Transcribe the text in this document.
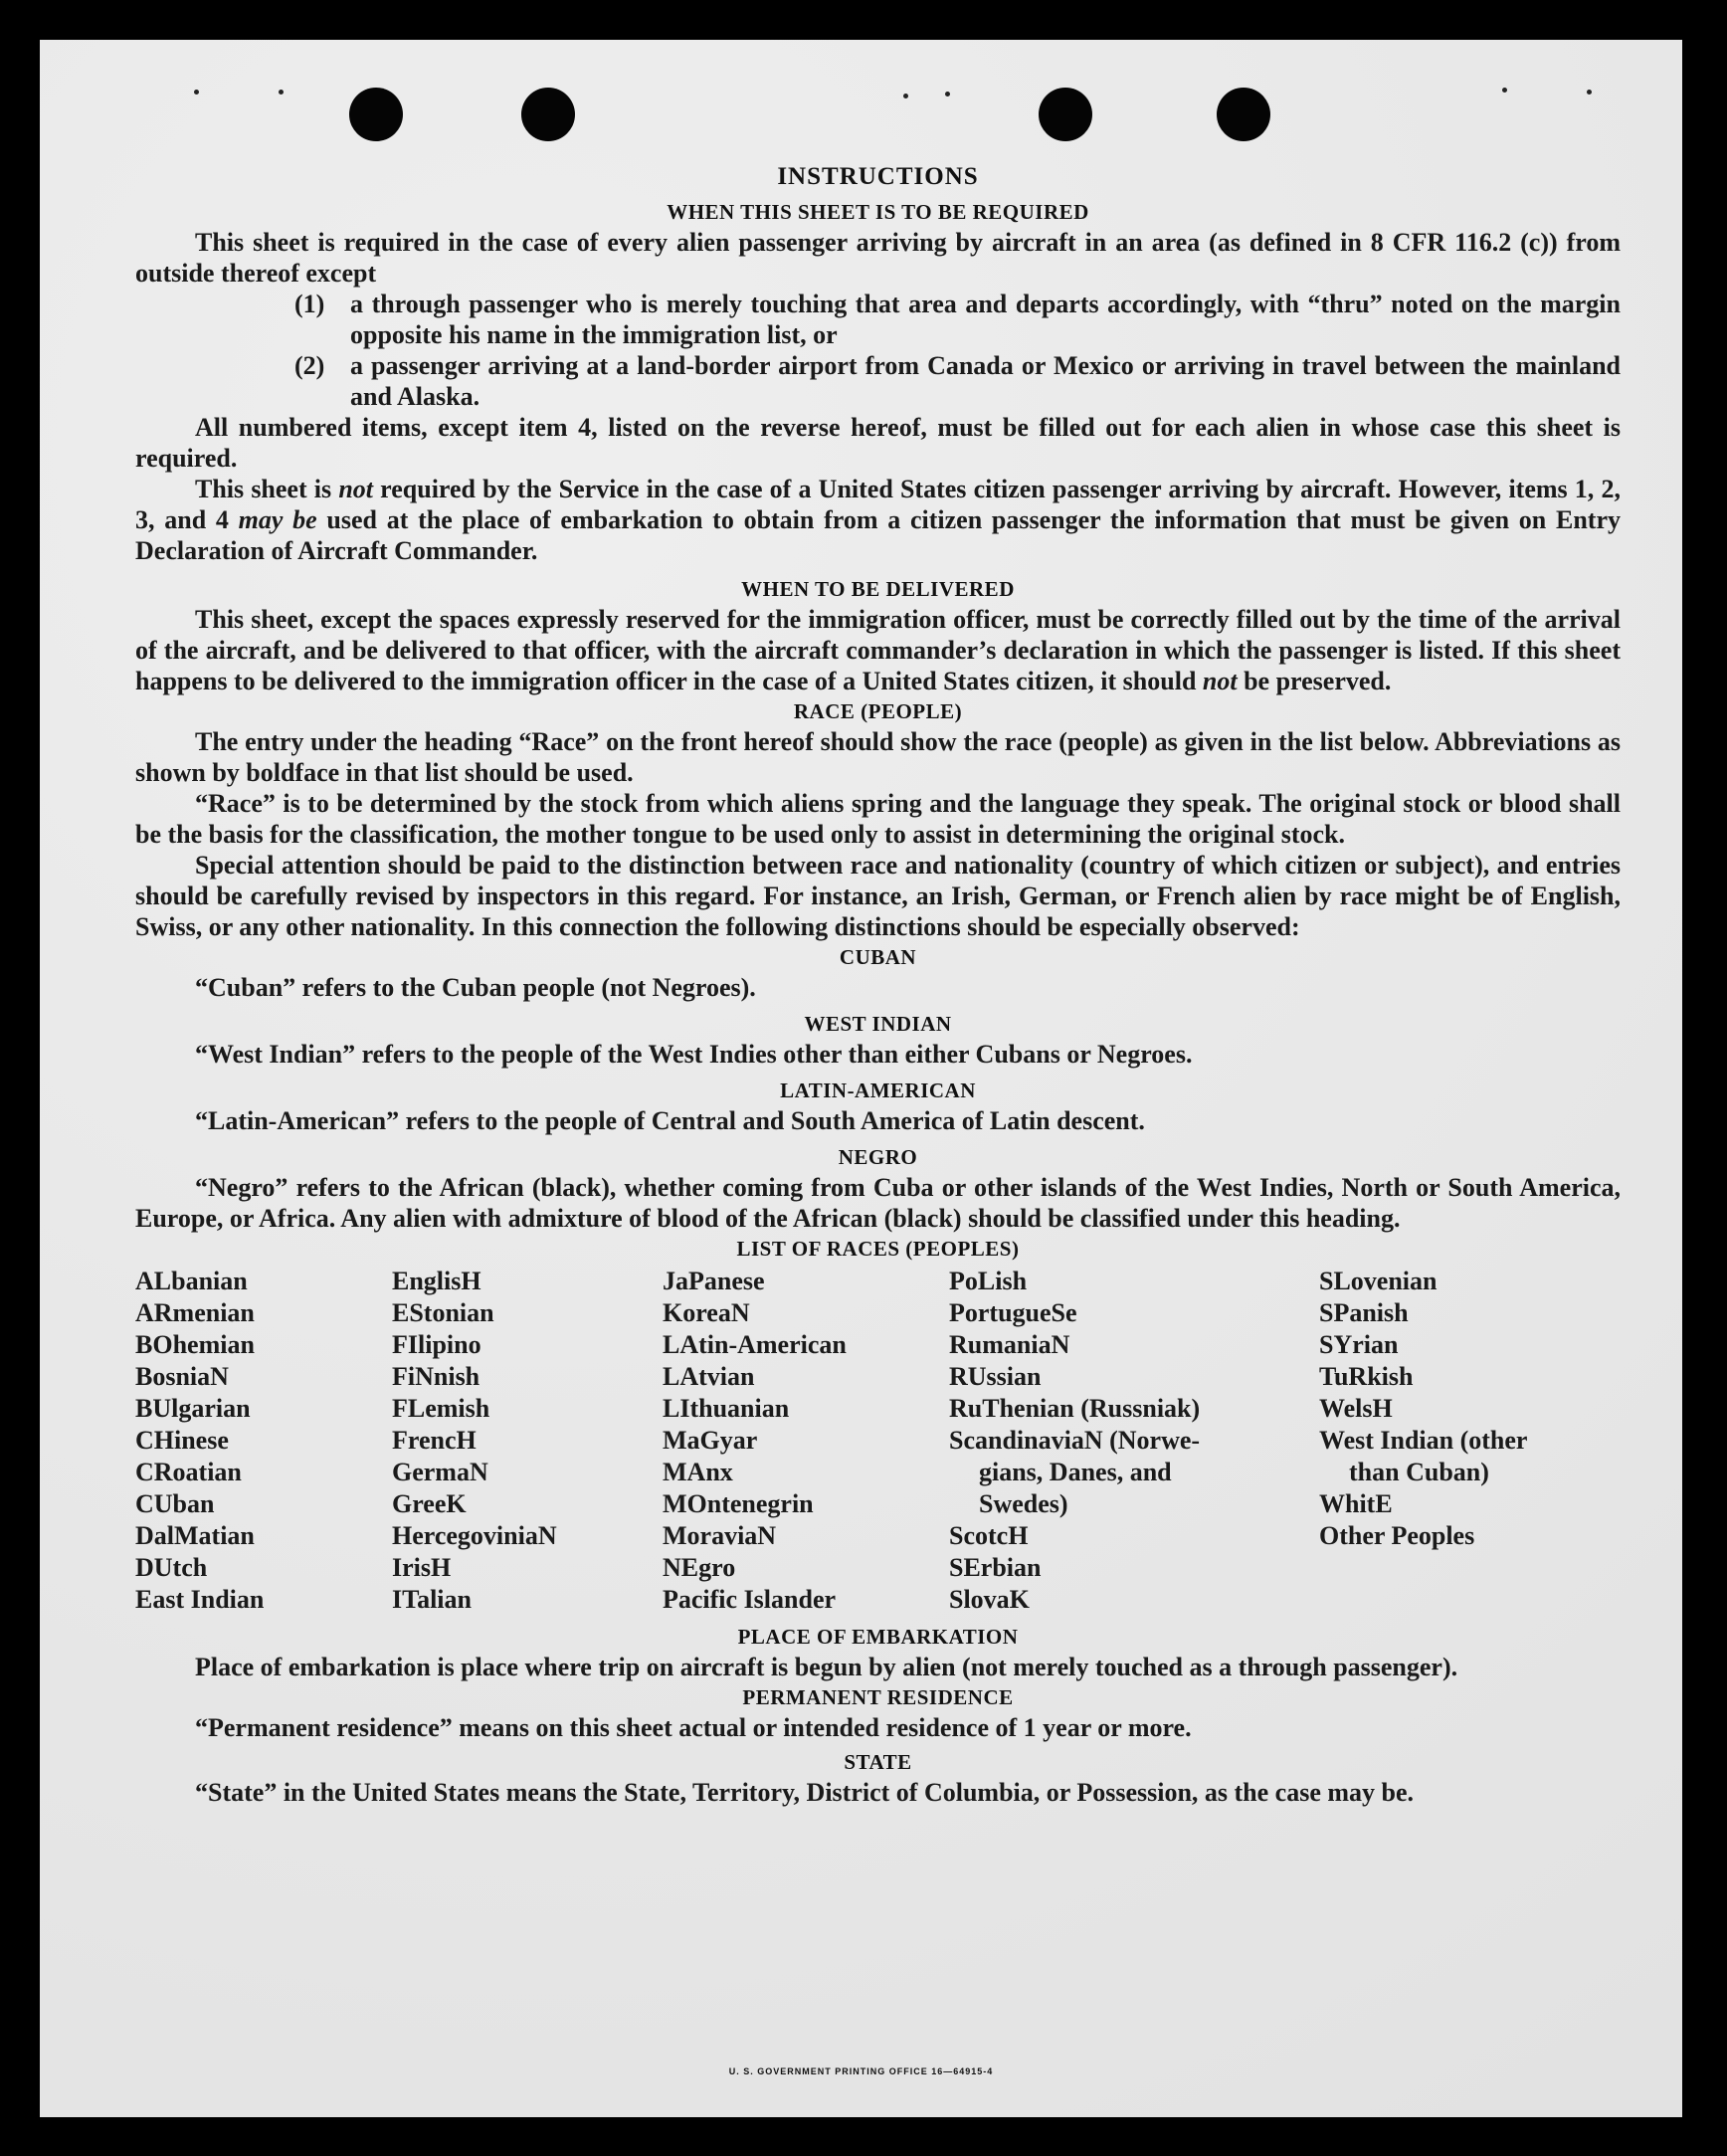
INSTRUCTIONS
WHEN THIS SHEET IS TO BE REQUIRED

This sheet is required in the case of every alien passenger arriving by aircraft in an area (as defined in 8 CFR 116.2 (c)) from outside thereof except

(1) a through passenger who is merely touching that area and departs accordingly, with “thru” noted on the margin opposite his name in the immigration list, or
(2) a passenger arriving at a land-border airport from Canada or Mexico or arriving in travel between the mainland and Alaska.

All numbered items, except item 4, listed on the reverse hereof, must be filled out for each alien in whose case this sheet is required.

This sheet is not required by the Service in the case of a United States citizen passenger arriving by aircraft. However, items 1, 2, 3, and 4 may be used at the place of embarkation to obtain from a citizen passenger the information that must be given on Entry Declaration of Aircraft Commander.

WHEN TO BE DELIVERED

This sheet, except the spaces expressly reserved for the immigration officer, must be correctly filled out by the time of the arrival of the aircraft, and be delivered to that officer, with the aircraft commander’s declaration in which the passenger is listed. If this sheet happens to be delivered to the immigration officer in the case of a United States citizen, it should not be preserved.

RACE (PEOPLE)

The entry under the heading “Race” on the front hereof should show the race (people) as given in the list below. Abbreviations as shown by boldface in that list should be used.

“Race” is to be determined by the stock from which aliens spring and the language they speak. The original stock or blood shall be the basis for the classification, the mother tongue to be used only to assist in determining the original stock.

Special attention should be paid to the distinction between race and nationality (country of which citizen or subject), and entries should be carefully revised by inspectors in this regard. For instance, an Irish, German, or French alien by race might be of English, Swiss, or any other nationality. In this connection the following distinctions should be especially observed:

CUBAN

“Cuban” refers to the Cuban people (not Negroes).

WEST INDIAN

“West Indian” refers to the people of the West Indies other than either Cubans or Negroes.

LATIN-AMERICAN

“Latin-American” refers to the people of Central and South America of Latin descent.

NEGRO

“Negro” refers to the African (black), whether coming from Cuba or other islands of the West Indies, North or South America, Europe, or Africa. Any alien with admixture of blood of the African (black) should be classified under this heading.

LIST OF RACES (PEOPLES)
ALbanian
ARmenian
BOhemian
BosniaN
BUlgarian
CHinese
CRoatian
CUban
DalMatian
DUtch
East Indian
EnglisH
EStonian
FIlipino
FiNnish
FLemish
FrencH
GermaN
GreeK
HercegoviniaN
IrisH
ITalian
JaPanese
KoreaN
LAtin-American
LAtvian
LIthuanian
MaGyar
MAnx
MOntenegrin
MoraviaN
NEgro
Pacific Islander
PoLish
PortugueSe
RumaniaN
RUssian
RuThenian (Russniak)
ScandinaviaN (Norwe-
gians, Danes, and
Swedes)
ScotcH
SErbian
SlovaK
SLovenian
SPanish
SYrian
TuRkish
WelsH
West Indian (other
than Cuban)
WhitE
Other Peoples
PLACE OF EMBARKATION

Place of embarkation is place where trip on aircraft is begun by alien (not merely touched as a through passenger).

PERMANENT RESIDENCE

“Permanent residence” means on this sheet actual or intended residence of 1 year or more.

STATE

“State” in the United States means the State, Territory, District of Columbia, or Possession, as the case may be.

U. S. GOVERNMENT PRINTING OFFICE 16—64915-4
